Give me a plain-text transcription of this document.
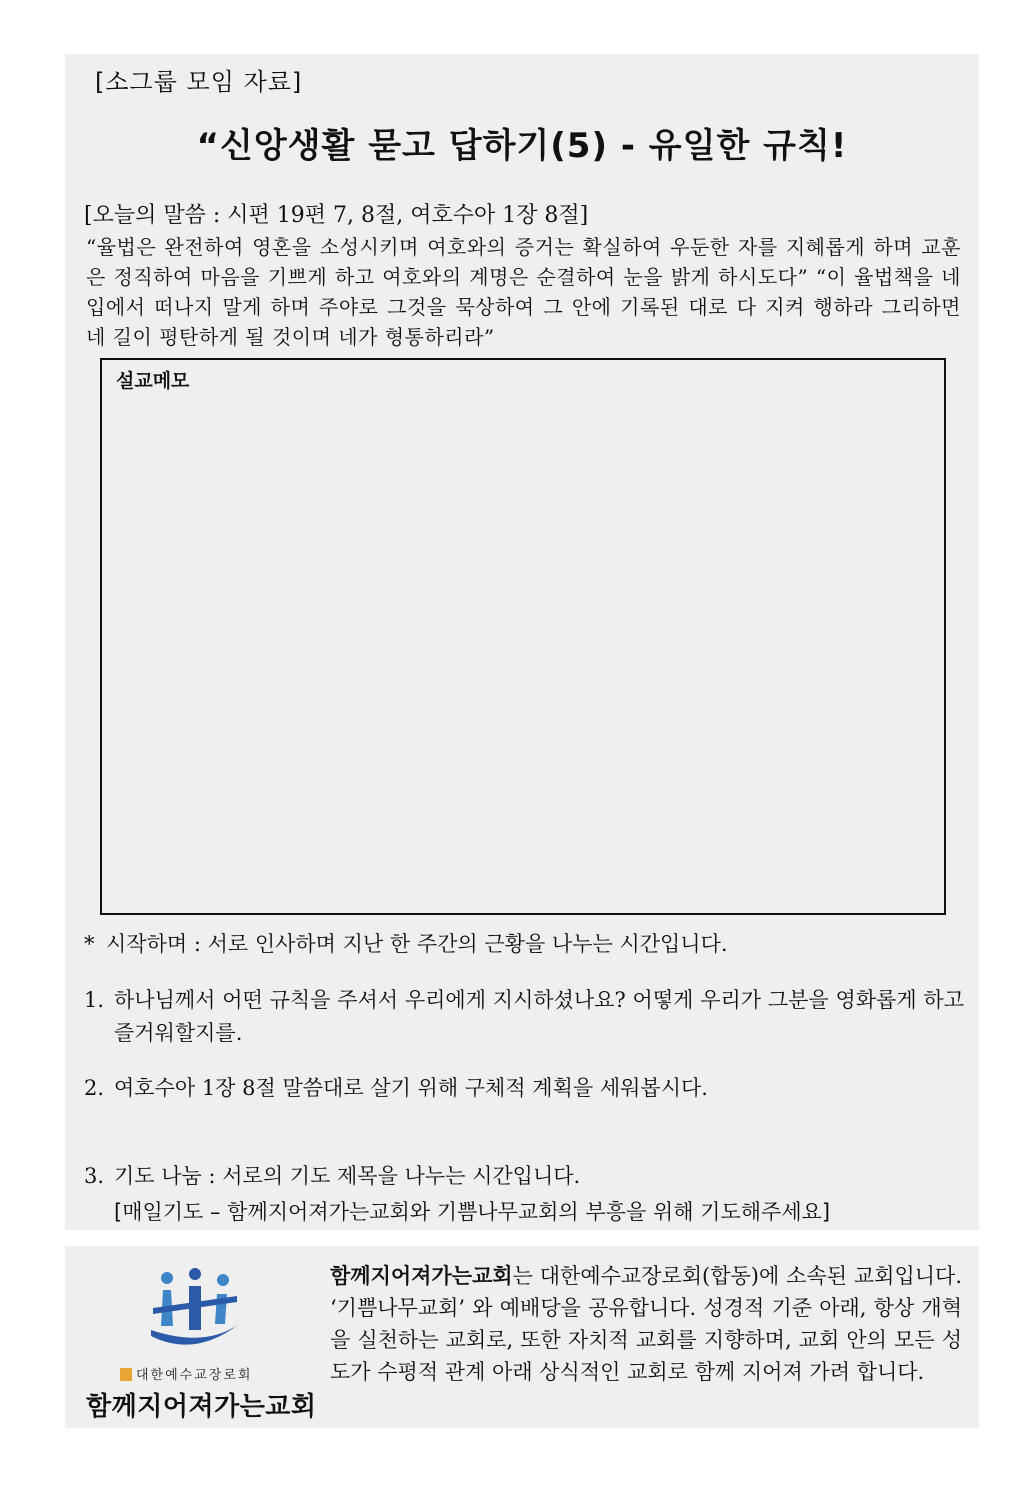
[소그룹 모임 자료]
“신앙생활 묻고 답하기(5) - 유일한 규칙!
[오늘의 말씀 : 시편 19편 7, 8절, 여호수아 1장 8절]
“율법은 완전하여 영혼을 소성시키며 여호와의 증거는 확실하여 우둔한 자를 지혜롭게 하며 교훈은 정직하여 마음을 기쁘게 하고 여호와의 계명은 순결하여 눈을 밝게 하시도다” “이 율법책을 네 입에서 떠나지 말게 하며 주야로 그것을 묵상하여 그 안에 기록된 대로 다 지켜 행하라 그리하면 네 길이 평탄하게 될 것이며 네가 형통하리라”
설교메모
* 시작하며 : 서로 인사하며 지난 한 주간의 근황을 나누는 시간입니다.
1. 하나님께서 어떤 규칙을 주셔서 우리에게 지시하셨나요? 어떻게 우리가 그분을 영화롭게 하고 즐거워할지를.
2. 여호수아 1장 8절 말씀대로 살기 위해 구체적 계획을 세워봅시다.
3. 기도 나눔 : 서로의 기도 제목을 나누는 시간입니다.
[매일기도 – 함께지어져가는교회와 기쁨나무교회의 부흥을 위해 기도해주세요]
대한예수교장로회
함께지어져가는교회
함께지어져가는교회는 대한예수교장로회(합동)에 소속된 교회입니다. ‘기쁨나무교회’ 와 예배당을 공유합니다. 성경적 기준 아래, 항상 개혁을 실천하는 교회로, 또한 자치적 교회를 지향하며, 교회 안의 모든 성도가 수평적 관계 아래 상식적인 교회로 함께 지어져 가려 합니다.
